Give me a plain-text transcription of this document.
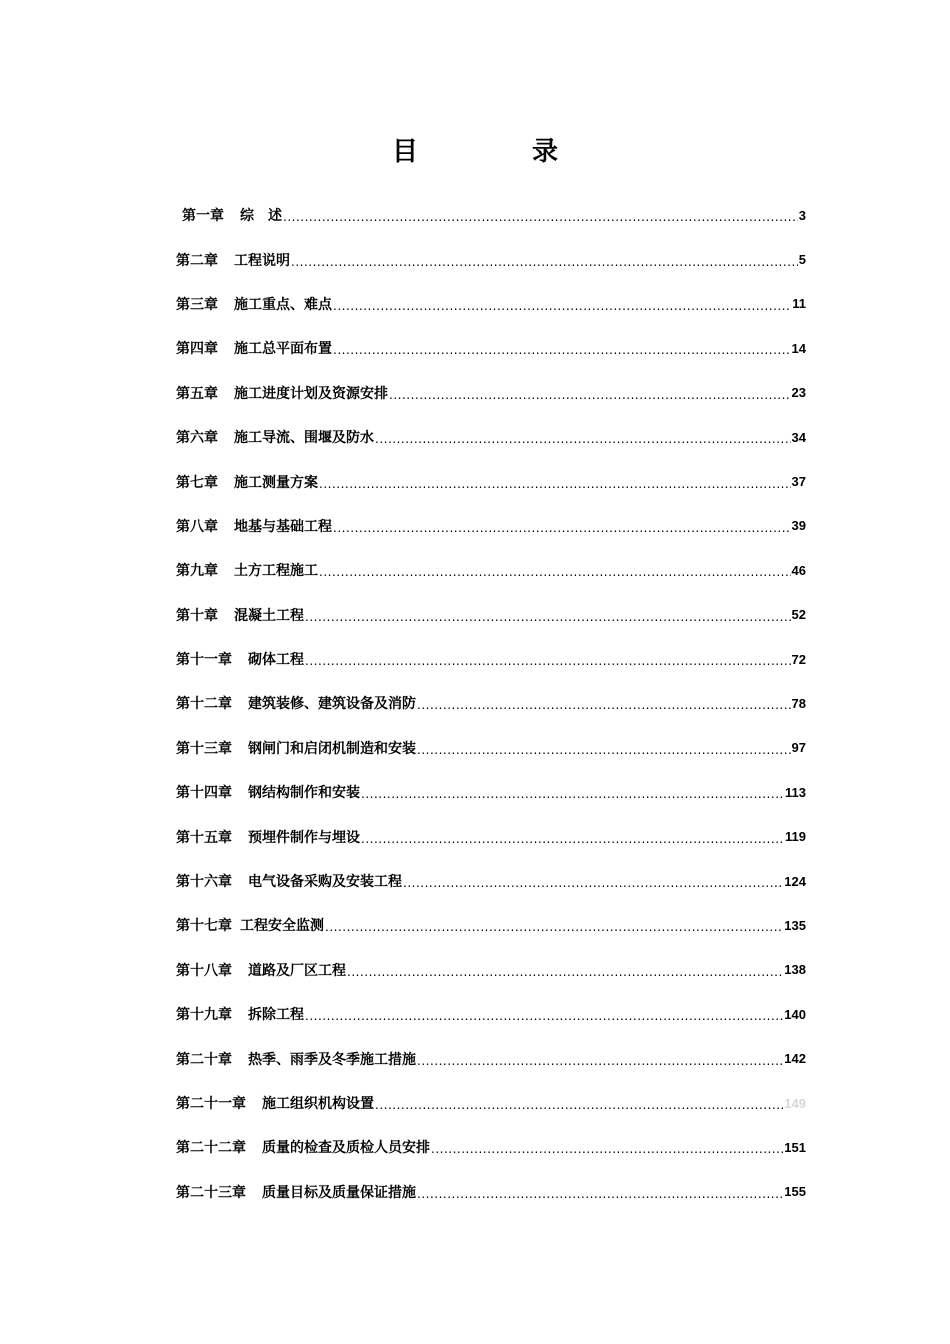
目　录
第一章 综　述 .....	3
第二章 工程说明 .....	5
第三章 施工重点、难点 .....	11
第四章 施工总平面布置 .....	14
第五章 施工进度计划及资源安排 .....	23
第六章 施工导流、围堰及防水 .....	34
第七章 施工测量方案 .....	37
第八章 地基与基础工程 .....	39
第九章 土方工程施工 .....	46
第十章 混凝土工程 .....	52
第十一章 砌体工程 .....	72
第十二章 建筑装修、建筑设备及消防 .....	78
第十三章 钢闸门和启闭机制造和安装 .....	97
第十四章 钢结构制作和安装 .....	113
第十五章 预埋件制作与埋设 .....	119
第十六章 电气设备采购及安装工程 .....	124
第十七章 工程安全监测 .....	135
第十八章 道路及厂区工程 .....	138
第十九章 拆除工程 .....	140
第二十章 热季、雨季及冬季施工措施 .....	142
第二十一章 施工组织机构设置 .....	149
第二十二章 质量的检查及质检人员安排 .....	151
第二十三章 质量目标及质量保证措施 .....	155
